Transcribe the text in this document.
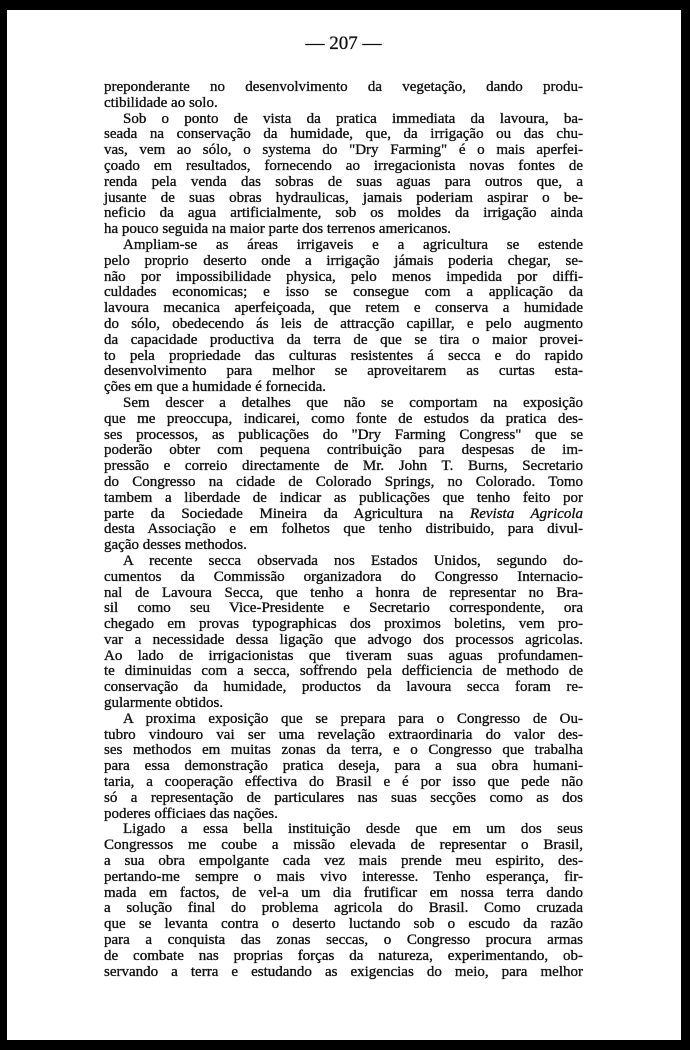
— 207 —
preponderante no desenvolvimento da vegetação, dando produ-
ctibilidade ao solo.
Sob o ponto de vista da pratica immediata da lavoura, ba-
seada na conservação da humidade, que, da irrigação ou das chu-
vas, vem ao sólo, o systema do "Dry Farming" é o mais aperfei-
çoado em resultados, fornecendo ao irregacionista novas fontes de
renda pela venda das sobras de suas aguas para outros que, a
jusante de suas obras hydraulicas, jamais poderiam aspirar o be-
neficio da agua artificialmente, sob os moldes da irrigação ainda
ha pouco seguida na maior parte dos terrenos americanos.
Ampliam-se as áreas irrigaveis e a agricultura se estende
pelo proprio deserto onde a irrigação jámais poderia chegar, se-
não por impossibilidade physica, pelo menos impedida por diffi-
culdades economicas; e isso se consegue com a applicação da
lavoura mecanica aperfeiçoada, que retem e conserva a humidade
do sólo, obedecendo ás leis de attracção capillar, e pelo augmento
da capacidade productiva da terra de que se tira o maior provei-
to pela propriedade das culturas resistentes á secca e do rapido
desenvolvimento para melhor se aproveitarem as curtas esta-
ções em que a humidade é fornecida.
Sem descer a detalhes que não se comportam na exposição
que me preoccupa, indicarei, como fonte de estudos da pratica des-
ses processos, as publicações do "Dry Farming Congress" que se
poderão obter com pequena contribuição para despesas de im-
pressão e correio directamente de Mr. John T. Burns, Secretario
do Congresso na cidade de Colorado Springs, no Colorado. Tomo
tambem a liberdade de indicar as publicações que tenho feito por
parte da Sociedade Mineira da Agricultura na Revista Agricola
desta Associação e em folhetos que tenho distribuido, para divul-
gação desses methodos.
A recente secca observada nos Estados Unidos, segundo do-
cumentos da Commissão organizadora do Congresso Internacio-
nal de Lavoura Secca, que tenho a honra de representar no Bra-
sil como seu Vice-Presidente e Secretario correspondente, ora
chegado em provas typographicas dos proximos boletins, vem pro-
var a necessidade dessa ligação que advogo dos processos agricolas.
Ao lado de irrigacionistas que tiveram suas aguas profundamen-
te diminuidas com a secca, soffrendo pela defficiencia de methodo de
conservação da humidade, productos da lavoura secca foram re-
gularmente obtidos.
A proxima exposição que se prepara para o Congresso de Ou-
tubro vindouro vai ser uma revelação extraordinaria do valor des-
ses methodos em muitas zonas da terra, e o Congresso que trabalha
para essa demonstração pratica deseja, para a sua obra humani-
taria, a cooperação effectiva do Brasil e é por isso que pede não
só a representação de particulares nas suas secções como as dos
poderes officiaes das nações.
Ligado a essa bella instituição desde que em um dos seus
Congressos me coube a missão elevada de representar o Brasil,
a sua obra empolgante cada vez mais prende meu espirito, des-
pertando-me sempre o mais vivo interesse. Tenho esperança, fir-
mada em factos, de vel-a um dia frutificar em nossa terra dando
a solução final do problema agricola do Brasil. Como cruzada
que se levanta contra o deserto luctando sob o escudo da razão
para a conquista das zonas seccas, o Congresso procura armas
de combate nas proprias forças da natureza, experimentando, ob-
servando a terra e estudando as exigencias do meio, para melhor
